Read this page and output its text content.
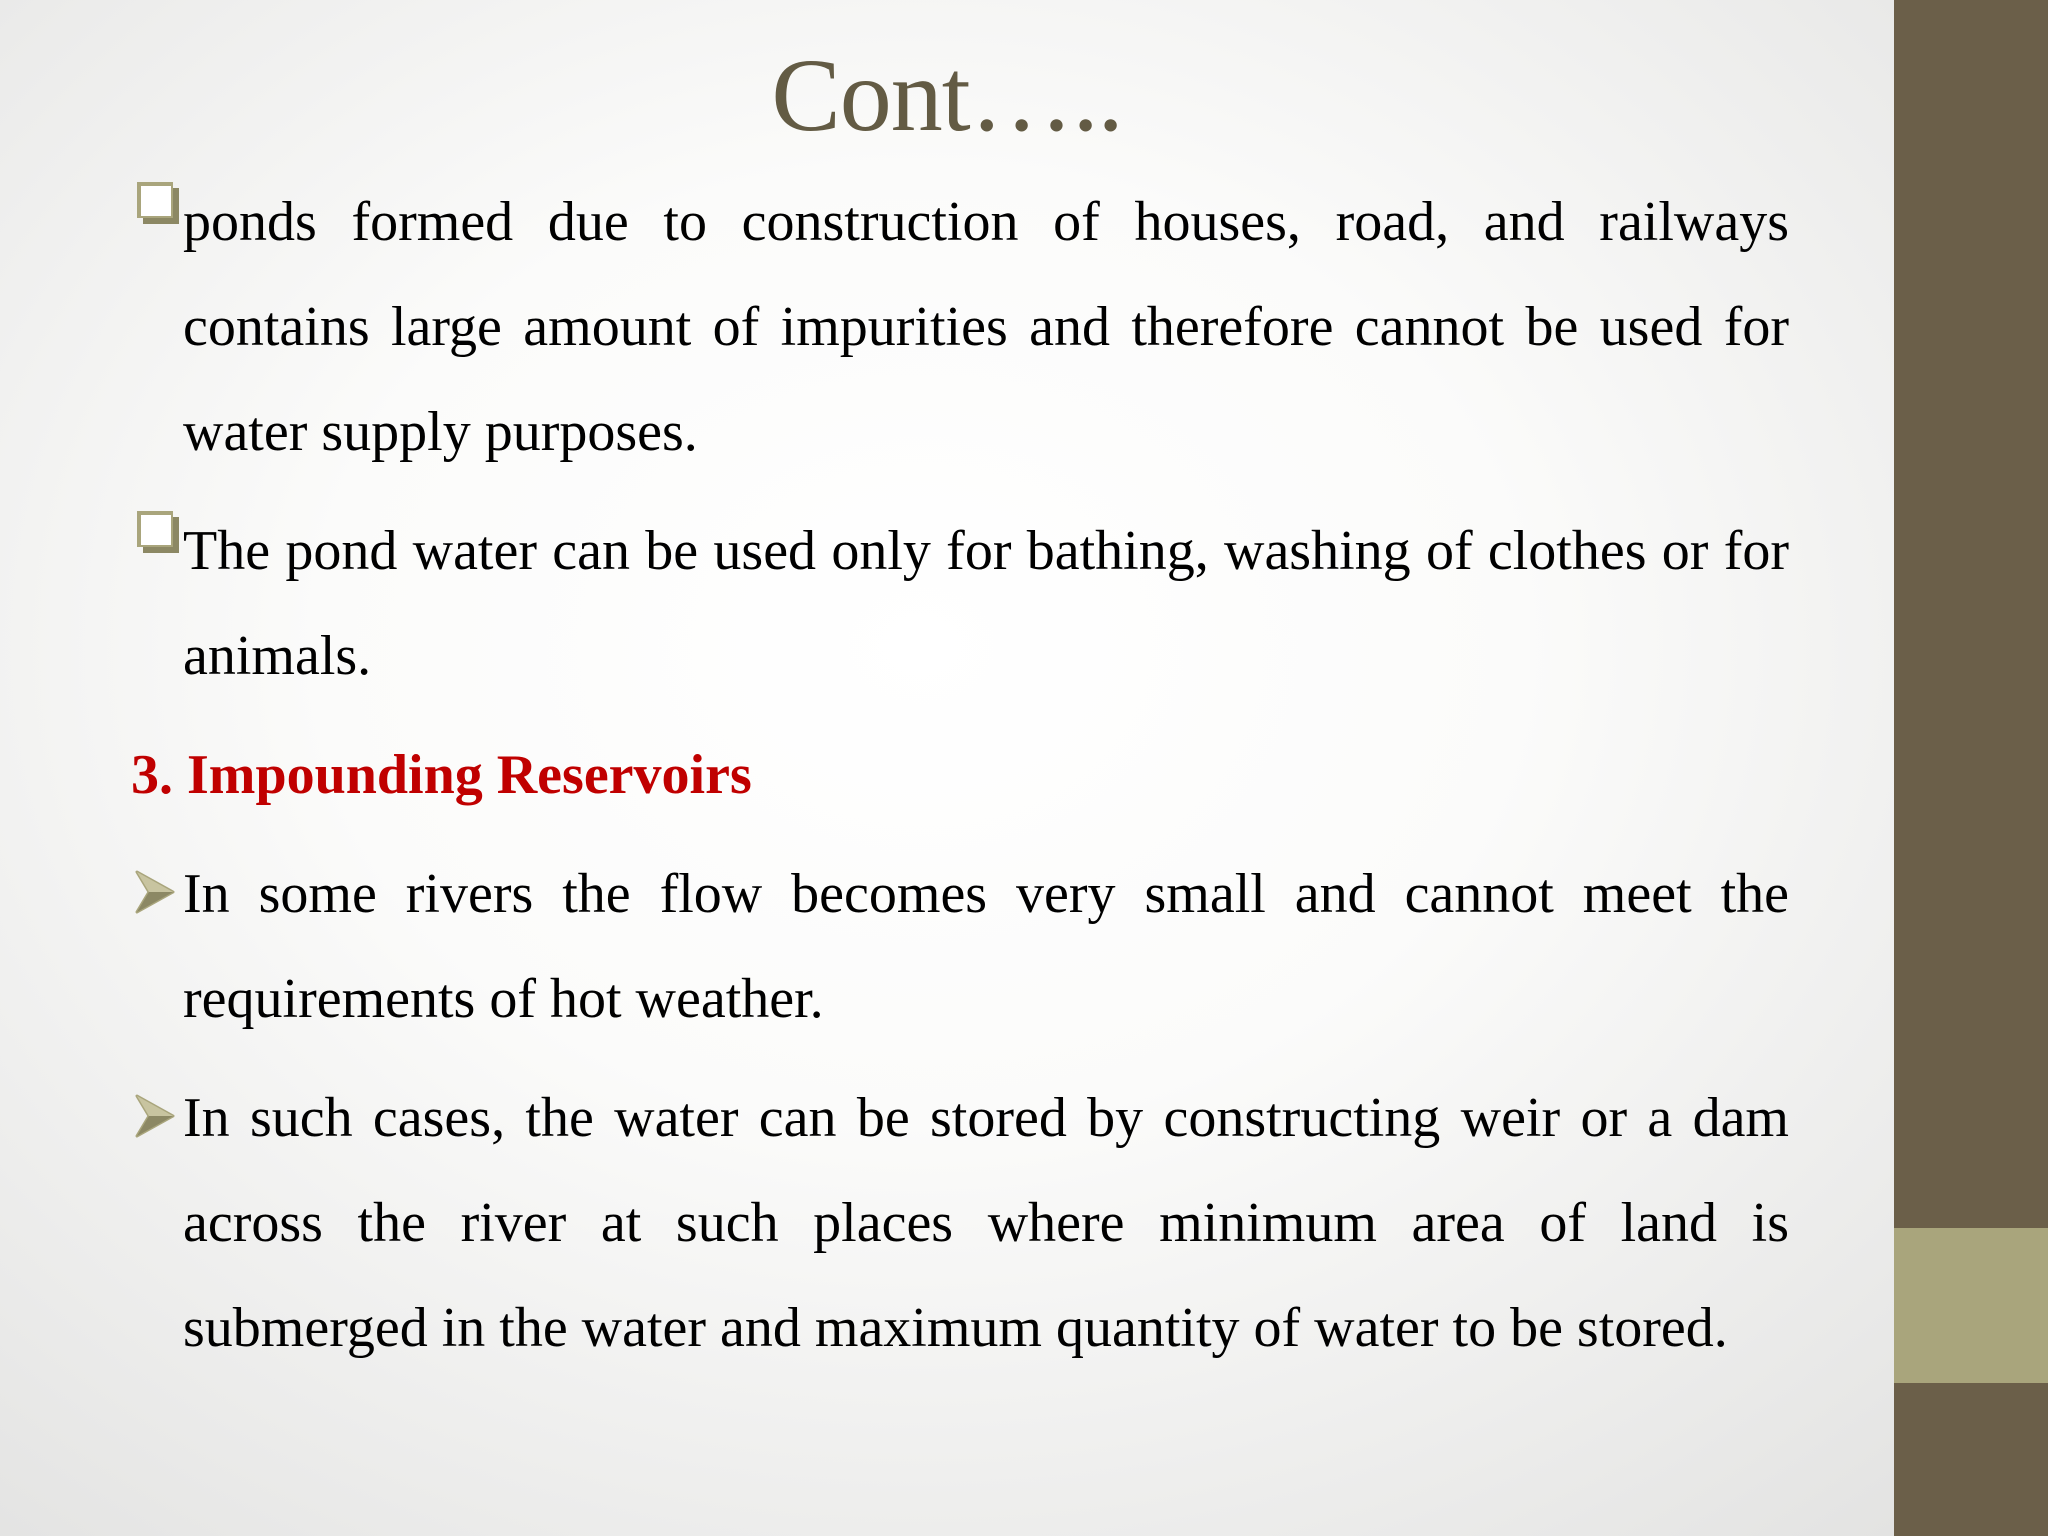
Cont…..
ponds formed due to construction of houses, road, and railways contains large amount of impurities and therefore cannot be used for water supply purposes.
The pond water can be used only for bathing, washing of clothes or for animals.
3. Impounding Reservoirs
In some rivers the flow becomes very small and cannot meet the requirements of hot weather.
In such cases, the water can be stored by constructing weir or a dam across the river at such places where minimum area of land is submerged in the water and maximum quantity of water to be stored.
